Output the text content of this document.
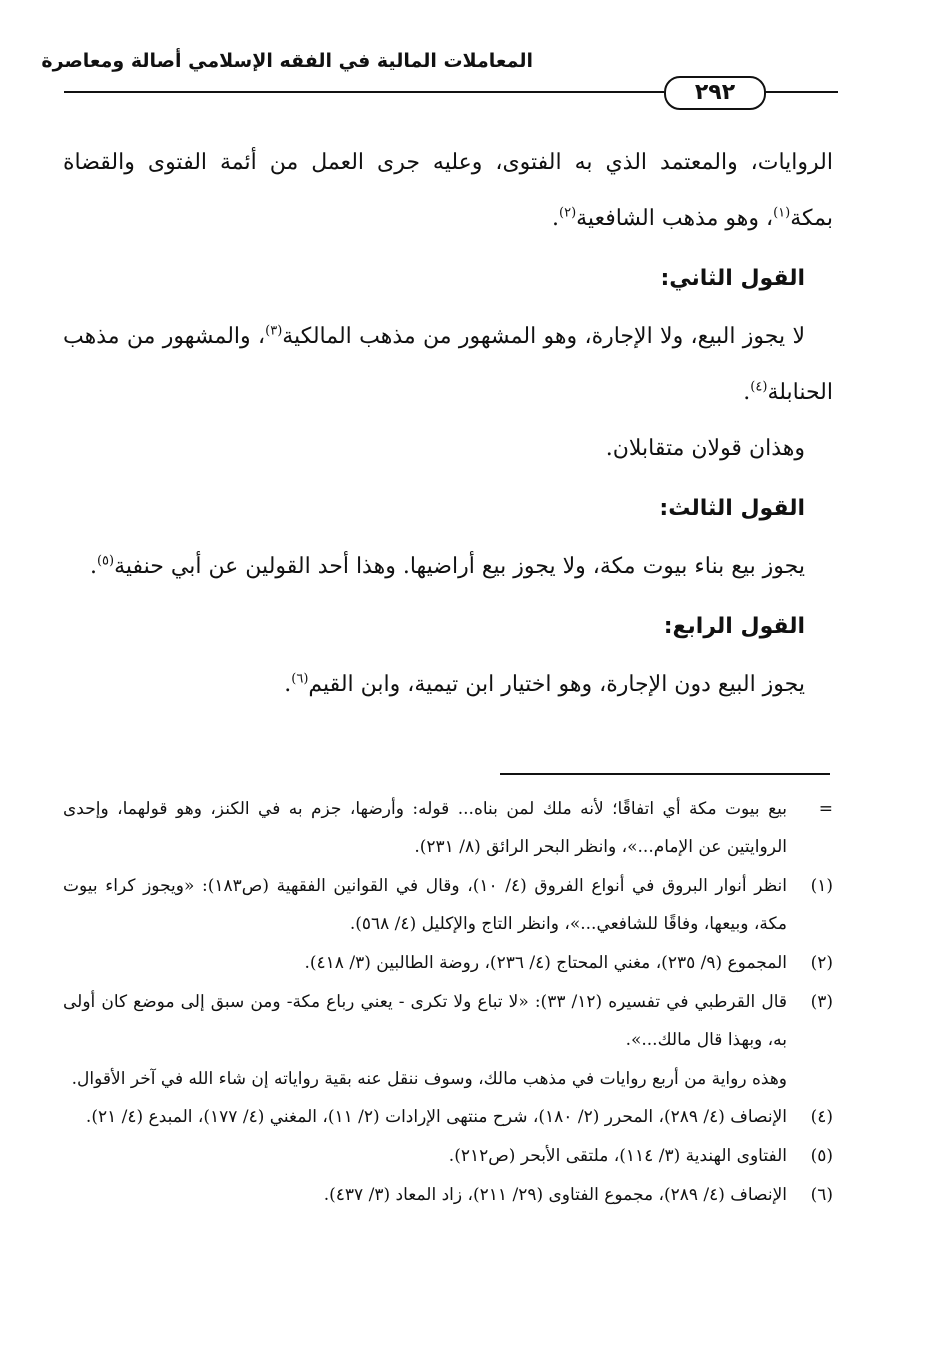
المعاملات المالية في الفقه الإسلامي أصالة ومعاصرة
٢٩٢

الروايات، والمعتمد الذي به الفتوى، وعليه جرى العمل من أئمة الفتوى والقضاة بمكة$^{(١)}$، وهو مذهب الشافعية$^{(٢)}$.

القول الثاني:

لا يجوز البيع، ولا الإجارة، وهو المشهور من مذهب المالكية$^{(٣)}$، والمشهور من مذهب الحنابلة$^{(٤)}$.

وهذان قولان متقابلان.

القول الثالث:

يجوز بيع بناء بيوت مكة، ولا يجوز بيع أراضيها. وهذا أحد القولين عن أبي حنفية$^{(٥)}$.

القول الرابع:

يجوز البيع دون الإجارة، وهو اختيار ابن تيمية، وابن القيم$^{(٦)}$.

=
بيع بيوت مكة أي اتفاقًا؛ لأنه ملك لمن بناه... قوله: وأرضها، جزم به في الكنز، وهو قولهما، وإحدى الروايتين عن الإمام...»، وانظر البحر الرائق (٨/ ٢٣١).

(١)
انظر أنوار البروق في أنواع الفروق (٤/ ١٠)، وقال في القوانين الفقهية (ص١٨٣): «ويجوز كراء بيوت مكة، وبيعها، وفاقًا للشافعي...»، وانظر التاج والإكليل (٤/ ٥٦٨).

(٢)
المجموع (٩/ ٢٣٥)، مغني المحتاج (٤/ ٢٣٦)، روضة الطالبين (٣/ ٤١٨).

(٣)
قال القرطبي في تفسيره (١٢/ ٣٣): «لا تباع ولا تكرى - يعني رباع مكة- ومن سبق إلى موضع كان أولى به، وبهذا قال مالك...».

وهذه رواية من أربع روايات في مذهب مالك، وسوف ننقل عنه بقية رواياته إن شاء الله في آخر الأقوال.

(٤)
الإنصاف (٤/ ٢٨٩)، المحرر (٢/ ١٨٠)، شرح منتهى الإرادات (٢/ ١١)، المغني (٤/ ١٧٧)، المبدع (٤/ ٢١).

(٥)
الفتاوى الهندية (٣/ ١١٤)، ملتقى الأبحر (ص٢١٢).

(٦)
الإنصاف (٤/ ٢٨٩)، مجموع الفتاوى (٢٩/ ٢١١)، زاد المعاد (٣/ ٤٣٧).
